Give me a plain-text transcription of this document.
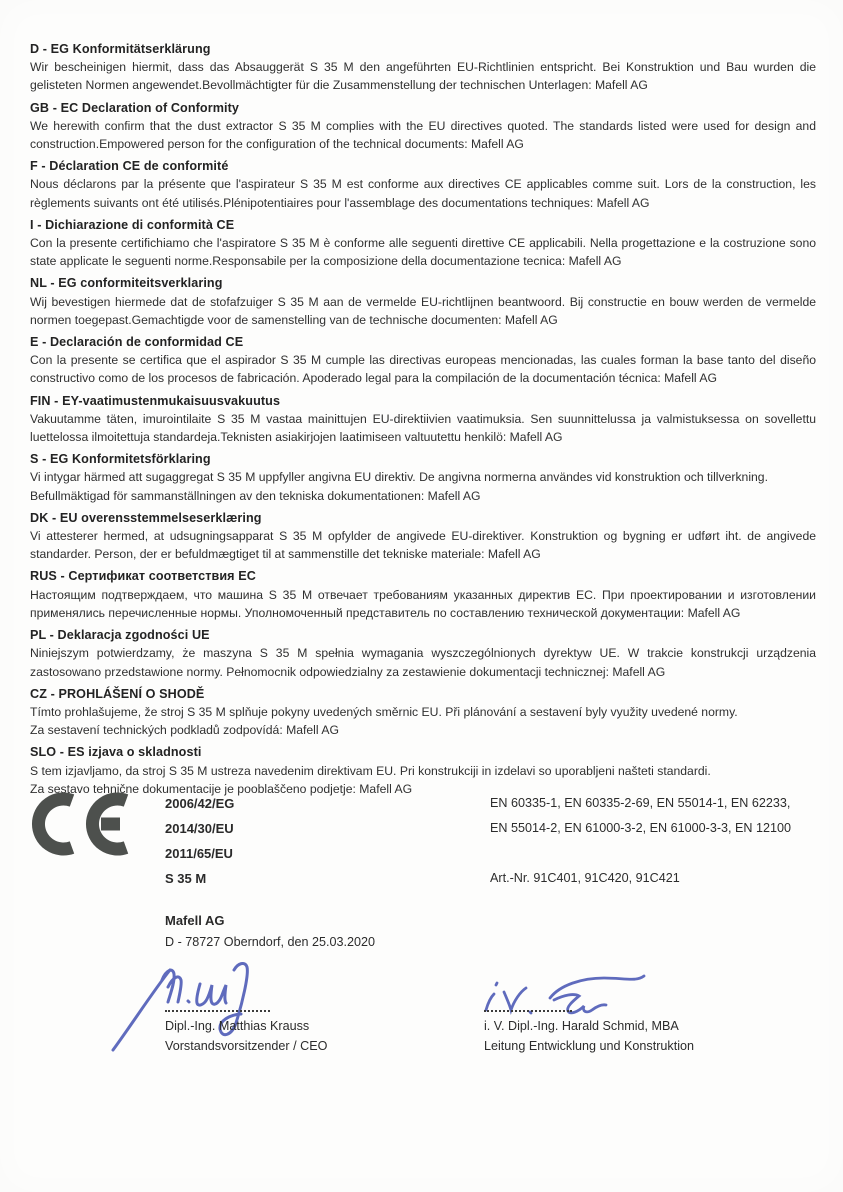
D - EG Konformitätserklärung

Wir bescheinigen hiermit, dass das Absauggerät S 35 M den angeführten EU-Richtlinien entspricht. Bei Konstruktion und Bau wurden die gelisteten Normen angewendet.Bevollmächtigter für die Zusammenstellung der technischen Unterlagen: Mafell AG

GB - EC Declaration of Conformity

We herewith confirm that the dust extractor S 35 M complies with the EU directives quoted. The standards listed were used for design and construction.Empowered person for the configuration of the technical documents: Mafell AG

F - Déclaration CE de conformité

Nous déclarons par la présente que l'aspirateur S 35 M est conforme aux directives CE applicables comme suit. Lors de la construction, les règlements suivants ont été utilisés.Plénipotentiaires pour l'assemblage des documentations techniques: Mafell AG

I - Dichiarazione di conformità CE

Con la presente certifichiamo che l'aspiratore S 35 M è conforme alle seguenti direttive CE applicabili. Nella progettazione e la costruzione sono state applicate le seguenti norme.Responsabile per la composizione della documentazione tecnica: Mafell AG

NL - EG conformiteitsverklaring

Wij bevestigen hiermede dat de stofafzuiger S 35 M aan de vermelde EU-richtlijnen beantwoord. Bij constructie en bouw werden de vermelde normen toegepast.Gemachtigde voor de samenstelling van de technische documenten: Mafell AG

E - Declaración de conformidad CE

Con la presente se certifica que el aspirador S 35 M cumple las directivas europeas mencionadas, las cuales forman la base tanto del diseño constructivo como de los procesos de fabricación. Apoderado legal para la compilación de la documentación técnica: Mafell AG

FIN - EY-vaatimustenmukaisuusvakuutus

Vakuutamme täten, imurointilaite S 35 M vastaa mainittujen EU-direktiivien vaatimuksia. Sen suunnittelussa ja valmistuksessa on sovellettu luettelossa ilmoitettuja standardeja.Teknisten asiakirjojen laatimiseen valtuutettu henkilö: Mafell AG

S - EG Konformitetsförklaring

Vi intygar härmed att sugaggregat S 35 M uppfyller angivna EU direktiv. De angivna normerna användes vid konstruktion och tillverkning.

Befullmäktigad för sammanställningen av den tekniska dokumentationen: Mafell AG

DK - EU overensstemmelseserklæring

Vi attesterer hermed, at udsugningsapparat S 35 M opfylder de angivede EU-direktiver. Konstruktion og bygning er udført iht. de angivede standarder. Person, der er befuldmægtiget til at sammenstille det tekniske materiale: Mafell AG

RUS - Сертификат соответствия ЕС

Настоящим подтверждаем, что машина S 35 M отвечает требованиям указанных директив ЕС. При проектировании и изготовлении применялись перечисленные нормы. Уполномоченный представитель по составлению технической документации: Mafell AG

PL - Deklaracja zgodności UE

Niniejszym potwierdzamy, że maszyna S 35 M spełnia wymagania wyszczególnionych dyrektyw UE. W trakcie konstrukcji urządzenia zastosowano przedstawione normy. Pełnomocnik odpowiedzialny za zestawienie dokumentacji technicznej: Mafell AG

CZ - PROHLÁŠENÍ O SHODĚ

Tímto prohlašujeme, že stroj S 35 M splňuje pokyny uvedených směrnic EU. Při plánování a sestavení byly využity uvedené normy.

Za sestavení technických podkladů zodpovídá: Mafell AG

SLO - ES izjava o skladnosti

S tem izjavljamo, da stroj S 35 M ustreza navedenim direktivam EU. Pri konstrukciji in izdelavi so uporabljeni našteti standardi.

Za sestavo tehnične dokumentacije je pooblaščeno podjetje: Mafell AG

2006/42/EG
2014/30/EU
2011/65/EU
EN 60335-1, EN 60335-2-69, EN 55014-1, EN 62233,
EN 55014-2, EN 61000-3-2, EN 61000-3-3, EN 12100
S 35 M	Art.-Nr. 91C401, 91C420, 91C421
Mafell AG
D - 78727 Oberndorf, den 25.03.2020
Dipl.-Ing. Matthias Krauss
Vorstandsvorsitzender / CEO
i. V. Dipl.-Ing. Harald Schmid, MBA
Leitung Entwicklung und Konstruktion
